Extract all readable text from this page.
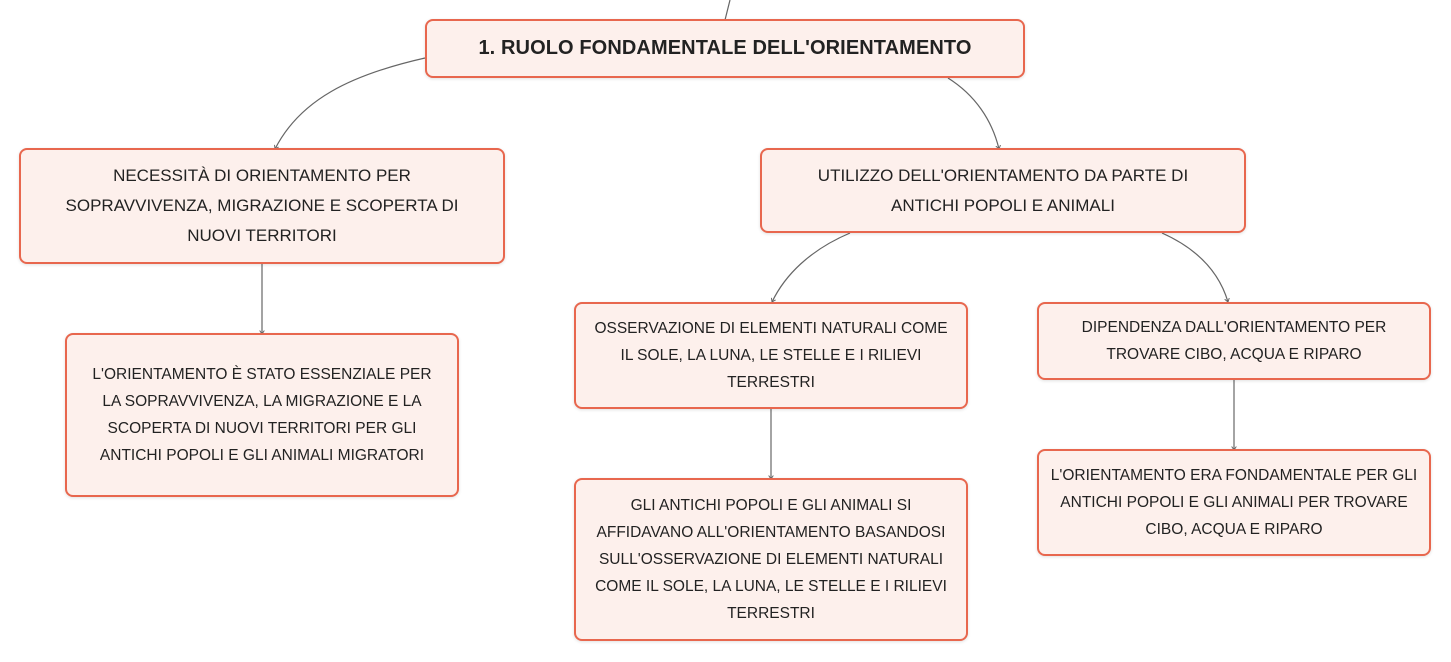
1. RUOLO FONDAMENTALE DELL'ORIENTAMENTO
NECESSITÀ DI ORIENTAMENTO PER SOPRAVVIVENZA, MIGRAZIONE E SCOPERTA DI NUOVI TERRITORI
UTILIZZO DELL'ORIENTAMENTO DA PARTE DI ANTICHI POPOLI E ANIMALI
L'ORIENTAMENTO È STATO ESSENZIALE PER LA SOPRAVVIVENZA, LA MIGRAZIONE E LA SCOPERTA DI NUOVI TERRITORI PER GLI ANTICHI POPOLI E GLI ANIMALI MIGRATORI
OSSERVAZIONE DI ELEMENTI NATURALI COME IL SOLE, LA LUNA, LE STELLE E I RILIEVI TERRESTRI
DIPENDENZA DALL'ORIENTAMENTO PER TROVARE CIBO, ACQUA E RIPARO
GLI ANTICHI POPOLI E GLI ANIMALI SI AFFIDAVANO ALL'ORIENTAMENTO BASANDOSI SULL'OSSERVAZIONE DI ELEMENTI NATURALI COME IL SOLE, LA LUNA, LE STELLE E I RILIEVI TERRESTRI
L'ORIENTAMENTO ERA FONDAMENTALE PER GLI ANTICHI POPOLI E GLI ANIMALI PER TROVARE CIBO, ACQUA E RIPARO
